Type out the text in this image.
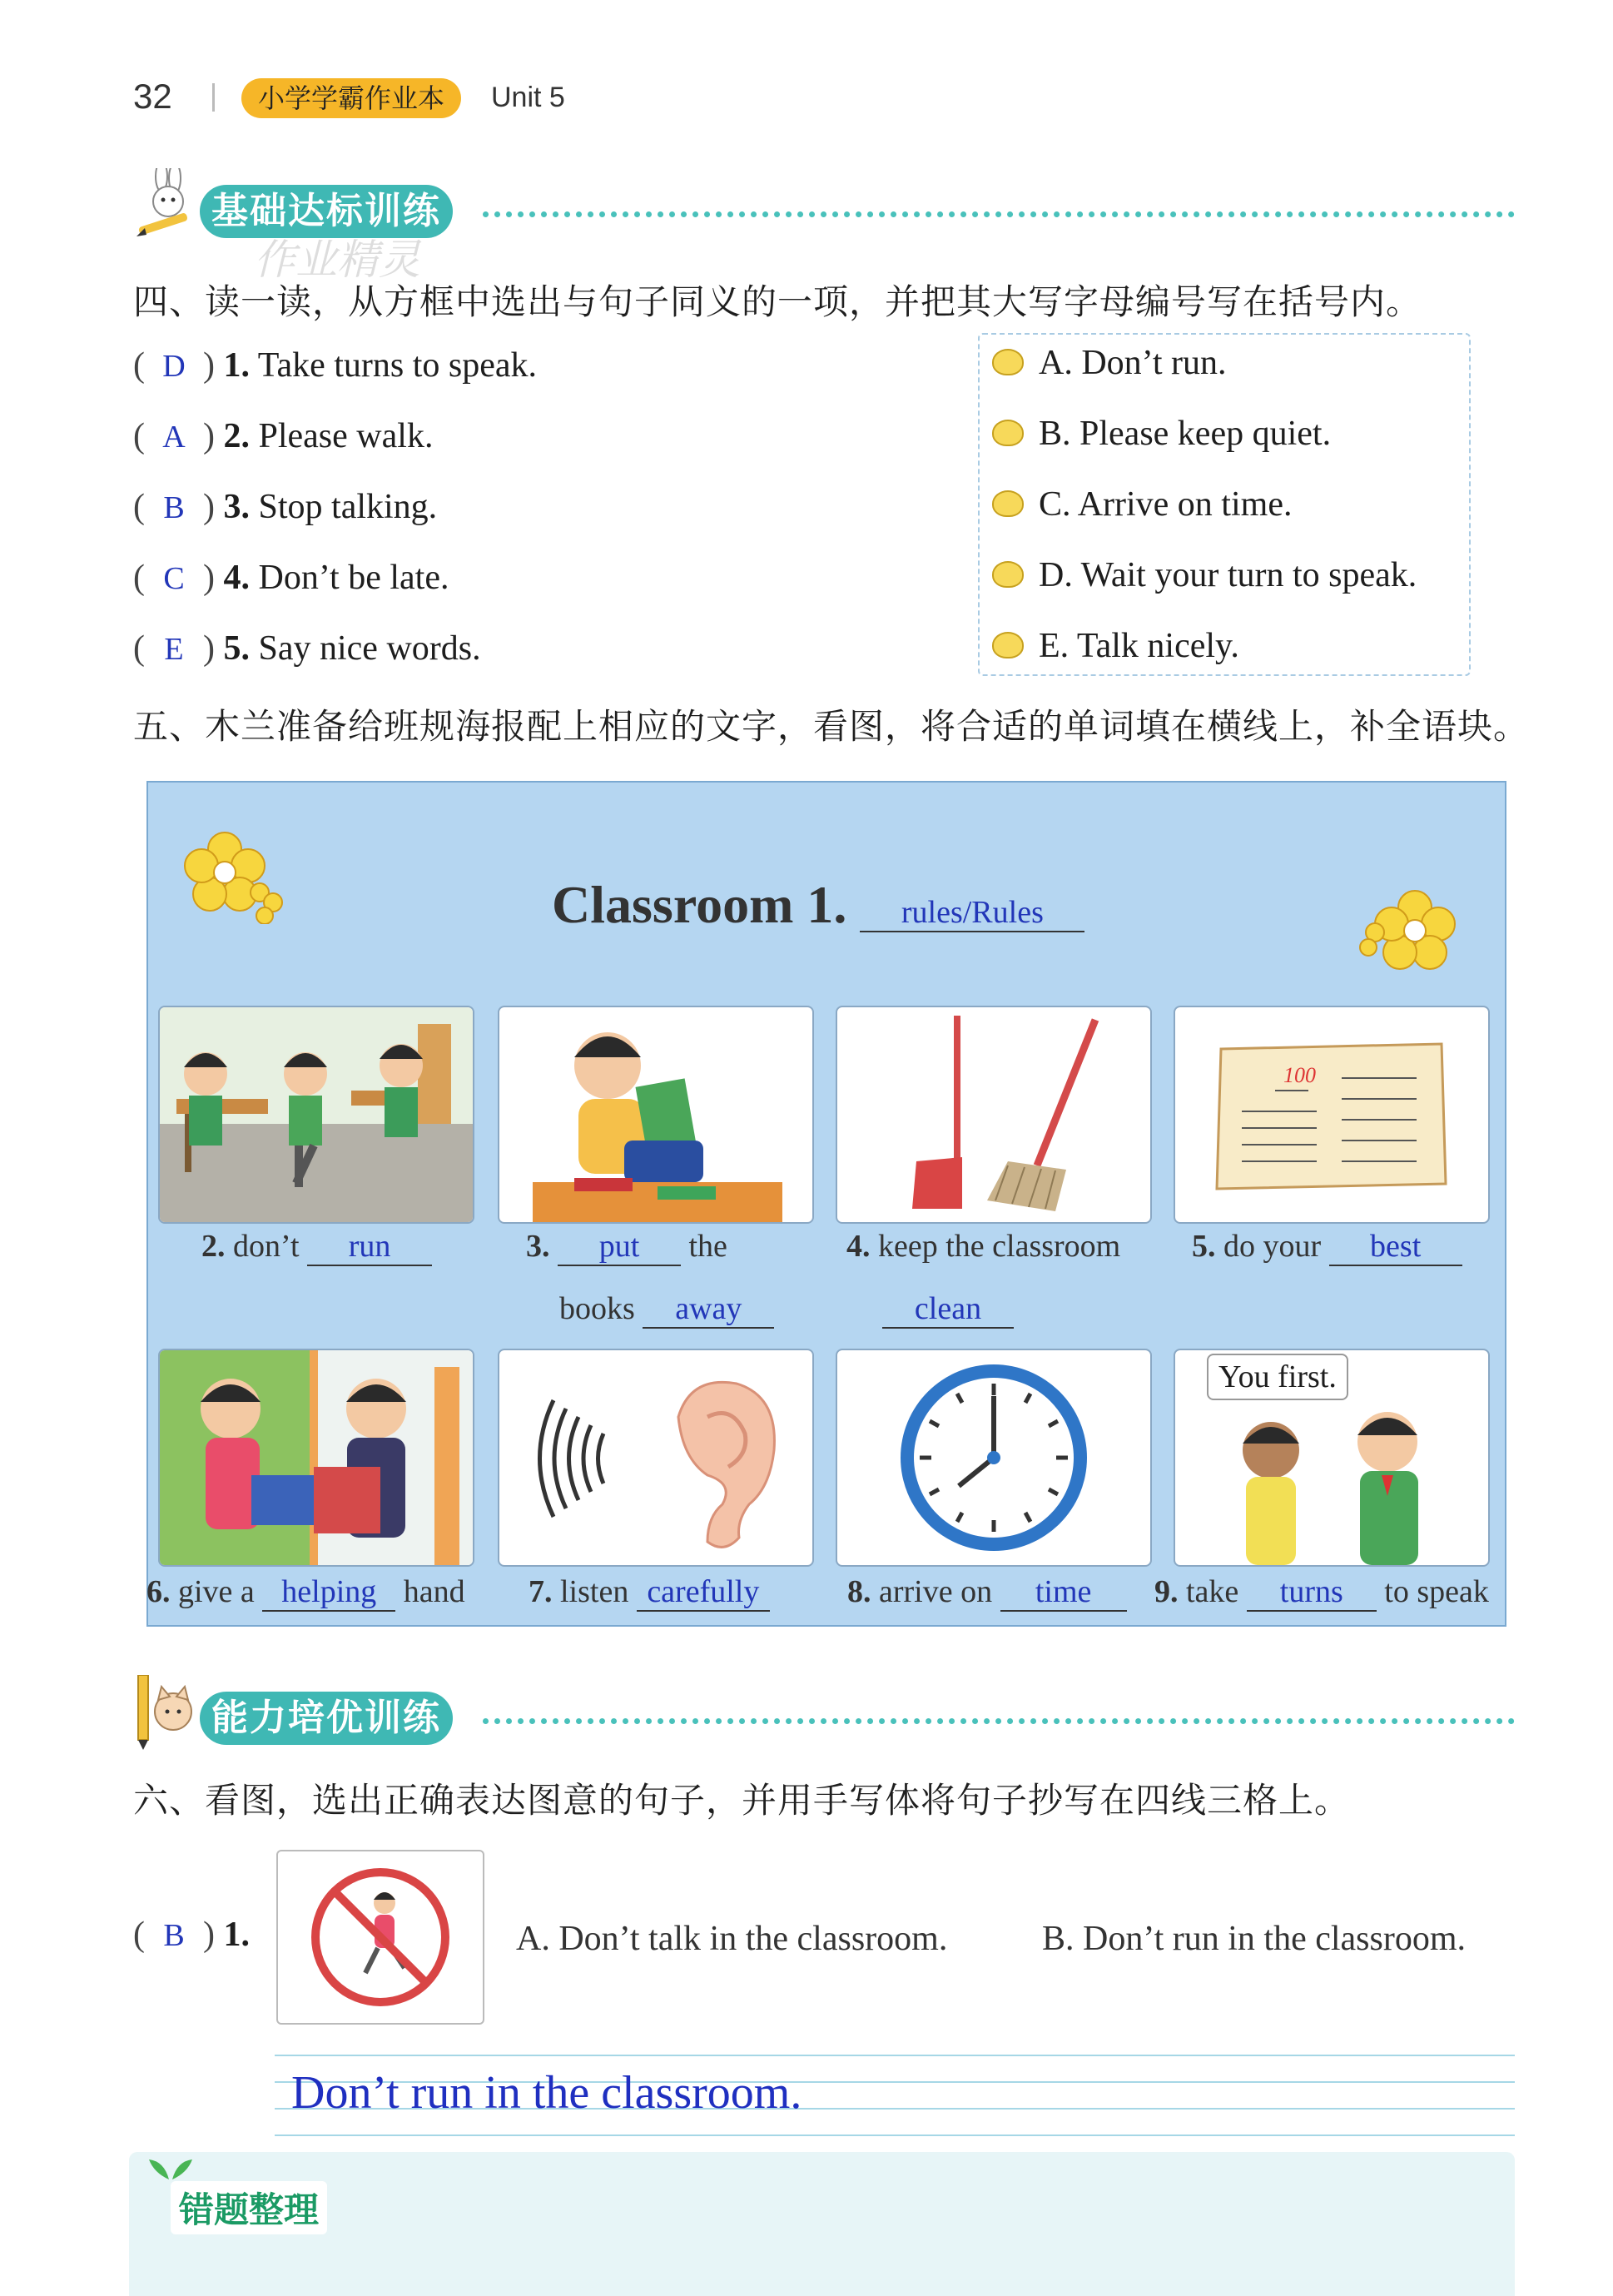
32	小学学霸作业本	Unit 5
基础达标训练
作业精灵
四、读一读，从方框中选出与句子同义的一项，并把其大写字母编号写在括号内。
( D ) 1. Take turns to speak.
( A ) 2. Please walk.
( B ) 3. Stop talking.
( C ) 4. Don’t be late.
( E ) 5. Say nice words.
A. Don’t run.
B. Please keep quiet.
C. Arrive on time.
D. Wait your turn to speak.
E. Talk nicely.
五、木兰准备给班规海报配上相应的文字，看图，将合适的单词填在横线上，补全语块。
Classroom 1. rules/Rules
100
2. don’t run	3. put the
books away
4. keep the classroom
clean
5. do your best
You first.
6. give a helping hand 7. listen carefully	8. arrive on time	9. take turns to speak
能力培优训练
六、看图，选出正确表达图意的句子，并用手写体将句子抄写在四线三格上。
( B ) 1.	A. Don’t talk in the classroom.	B. Don’t run in the classroom.
Don’t run in the classroom.
错题整理
